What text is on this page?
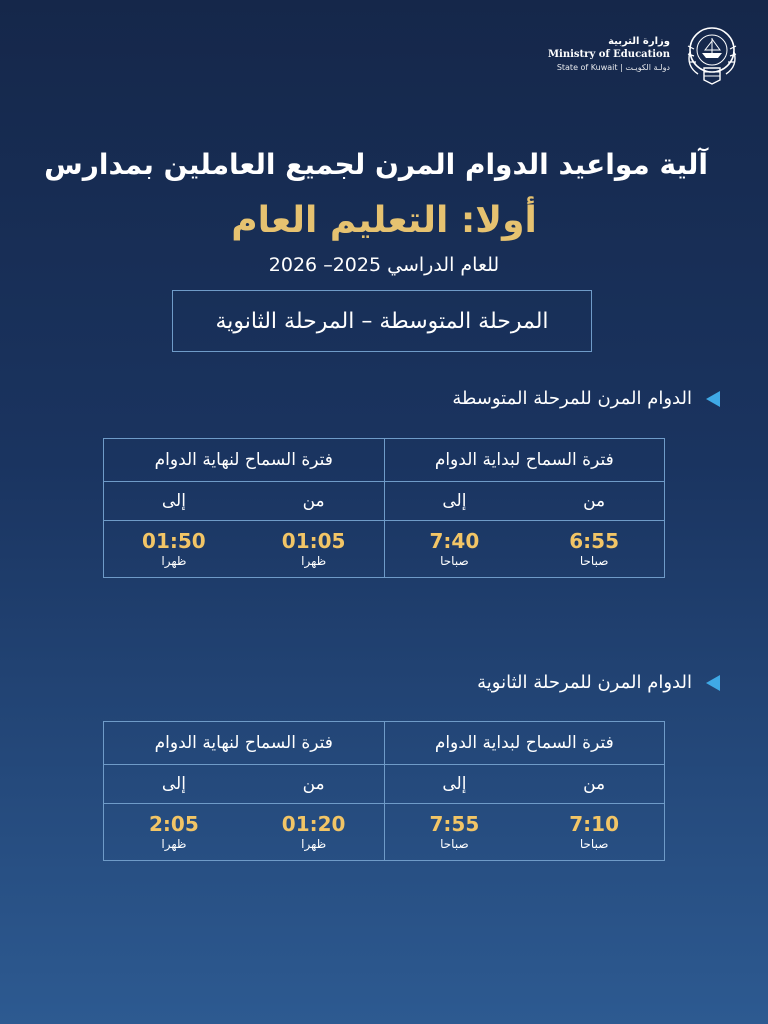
وزارة التربية
Ministry of Education
State of Kuwait | دولـة الكويـت
آلية مواعيد الدوام المرن لجميع العاملين بمدارس
أولا: التعليم العام
للعام الدراسي 2025– 2026
المرحلة المتوسطة – المرحلة الثانوية
الدوام المرن للمرحلة المتوسطة
فترة السماح لبداية الدوام
من
إلى
6:55
صباحا
7:40
صباحا
فترة السماح لنهاية الدوام
من
إلى
01:05
ظهرا
01:50
ظهرا
الدوام المرن للمرحلة الثانوية
فترة السماح لبداية الدوام
من
إلى
7:10
صباحا
7:55
صباحا
فترة السماح لنهاية الدوام
من
إلى
01:20
ظهرا
2:05
ظهرا
